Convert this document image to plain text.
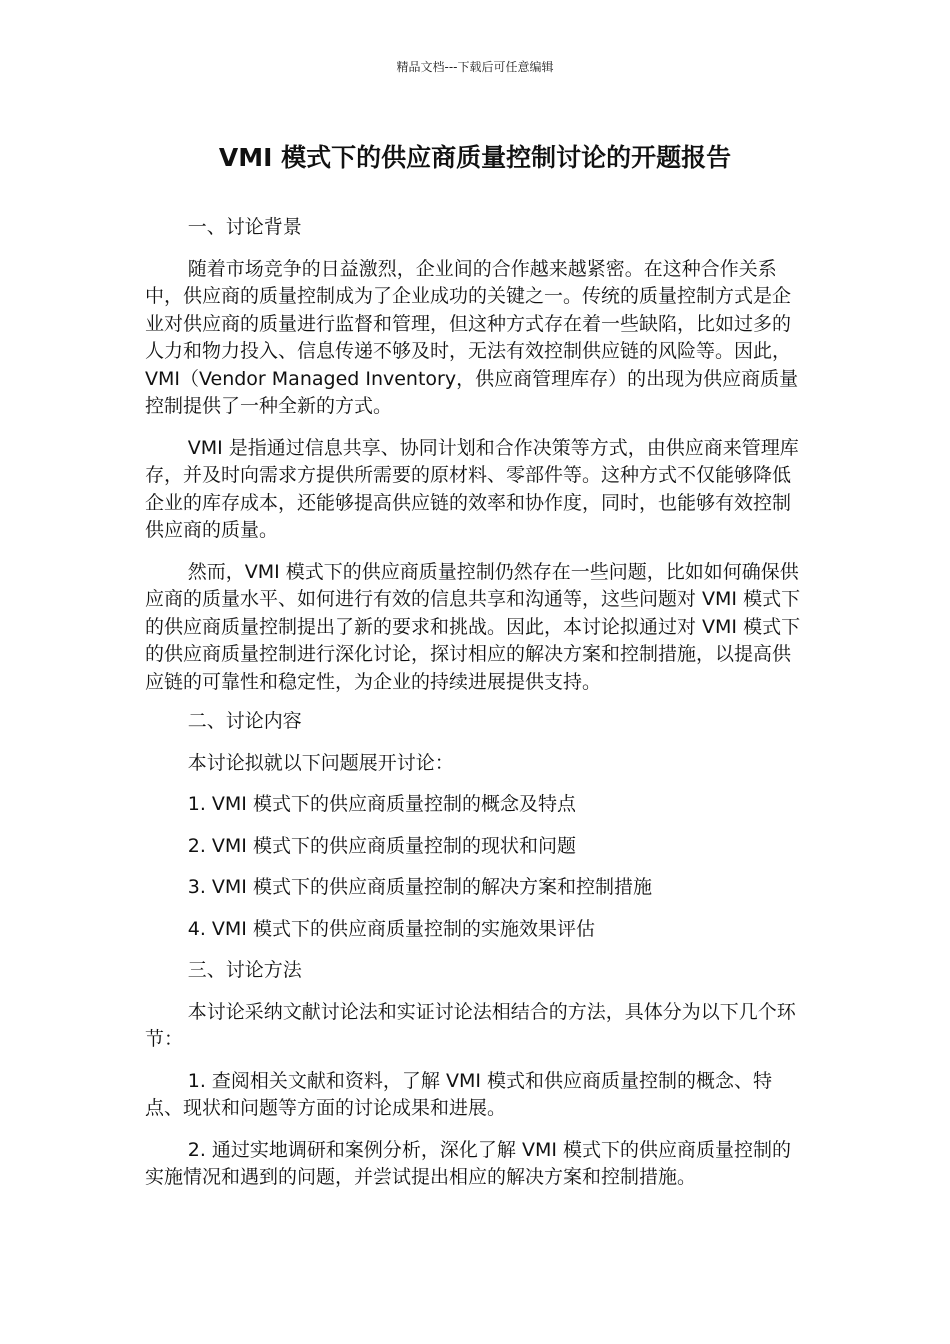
精品文档---下载后可任意编辑
VMI 模式下的供应商质量控制讨论的开题报告

一、讨论背景

随着市场竞争的日益激烈，企业间的合作越来越紧密。在这种合作关系中，供应商的质量控制成为了企业成功的关键之一。传统的质量控制方式是企业对供应商的质量进行监督和管理，但这种方式存在着一些缺陷，比如过多的人力和物力投入、信息传递不够及时，无法有效控制供应链的风险等。因此，VMI（Vendor Managed Inventory，供应商管理库存）的出现为供应商质量控制提供了一种全新的方式。

VMI 是指通过信息共享、协同计划和合作决策等方式，由供应商来管理库存，并及时向需求方提供所需要的原材料、零部件等。这种方式不仅能够降低企业的库存成本，还能够提高供应链的效率和协作度，同时，也能够有效控制供应商的质量。

然而，VMI 模式下的供应商质量控制仍然存在一些问题，比如如何确保供应商的质量水平、如何进行有效的信息共享和沟通等，这些问题对 VMI 模式下的供应商质量控制提出了新的要求和挑战。因此，本讨论拟通过对 VMI 模式下的供应商质量控制进行深化讨论，探讨相应的解决方案和控制措施，以提高供应链的可靠性和稳定性，为企业的持续进展提供支持。

二、讨论内容

本讨论拟就以下问题展开讨论：

1. VMI 模式下的供应商质量控制的概念及特点

2. VMI 模式下的供应商质量控制的现状和问题

3. VMI 模式下的供应商质量控制的解决方案和控制措施

4. VMI 模式下的供应商质量控制的实施效果评估

三、讨论方法

本讨论采纳文献讨论法和实证讨论法相结合的方法，具体分为以下几个环节：

1. 查阅相关文献和资料，了解 VMI 模式和供应商质量控制的概念、特点、现状和问题等方面的讨论成果和进展。

2. 通过实地调研和案例分析，深化了解 VMI 模式下的供应商质量控制的实施情况和遇到的问题，并尝试提出相应的解决方案和控制措施。
